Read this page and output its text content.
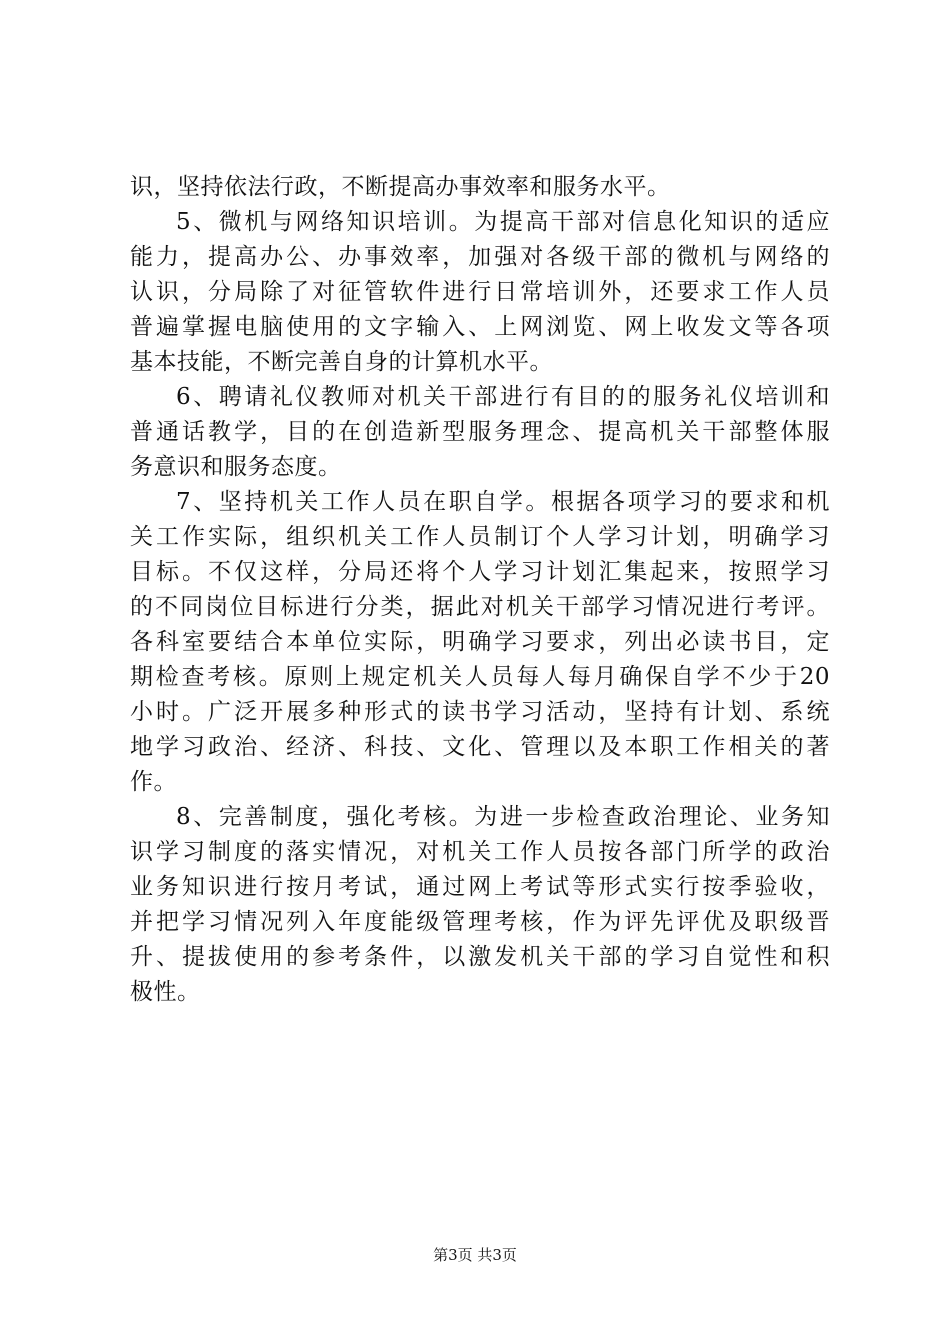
识，坚持依法行政，不断提高办事效率和服务水平。
5、微机与网络知识培训。为提高干部对信息化知识的适应
能力，提高办公、办事效率，加强对各级干部的微机与网络的
认识，分局除了对征管软件进行日常培训外，还要求工作人员
普遍掌握电脑使用的文字输入、上网浏览、网上收发文等各项
基本技能，不断完善自身的计算机水平。
6、聘请礼仪教师对机关干部进行有目的的服务礼仪培训和
普通话教学，目的在创造新型服务理念、提高机关干部整体服
务意识和服务态度。
7、坚持机关工作人员在职自学。根据各项学习的要求和机
关工作实际，组织机关工作人员制订个人学习计划，明确学习
目标。不仅这样，分局还将个人学习计划汇集起来，按照学习
的不同岗位目标进行分类，据此对机关干部学习情况进行考评。
各科室要结合本单位实际，明确学习要求，列出必读书目，定
期检查考核。原则上规定机关人员每人每月确保自学不少于20
小时。广泛开展多种形式的读书学习活动，坚持有计划、系统
地学习政治、经济、科技、文化、管理以及本职工作相关的著
作。
8、完善制度，强化考核。为进一步检查政治理论、业务知
识学习制度的落实情况，对机关工作人员按各部门所学的政治
业务知识进行按月考试，通过网上考试等形式实行按季验收，
并把学习情况列入年度能级管理考核，作为评先评优及职级晋
升、提拔使用的参考条件，以激发机关干部的学习自觉性和积
极性。
第3页 共3页
